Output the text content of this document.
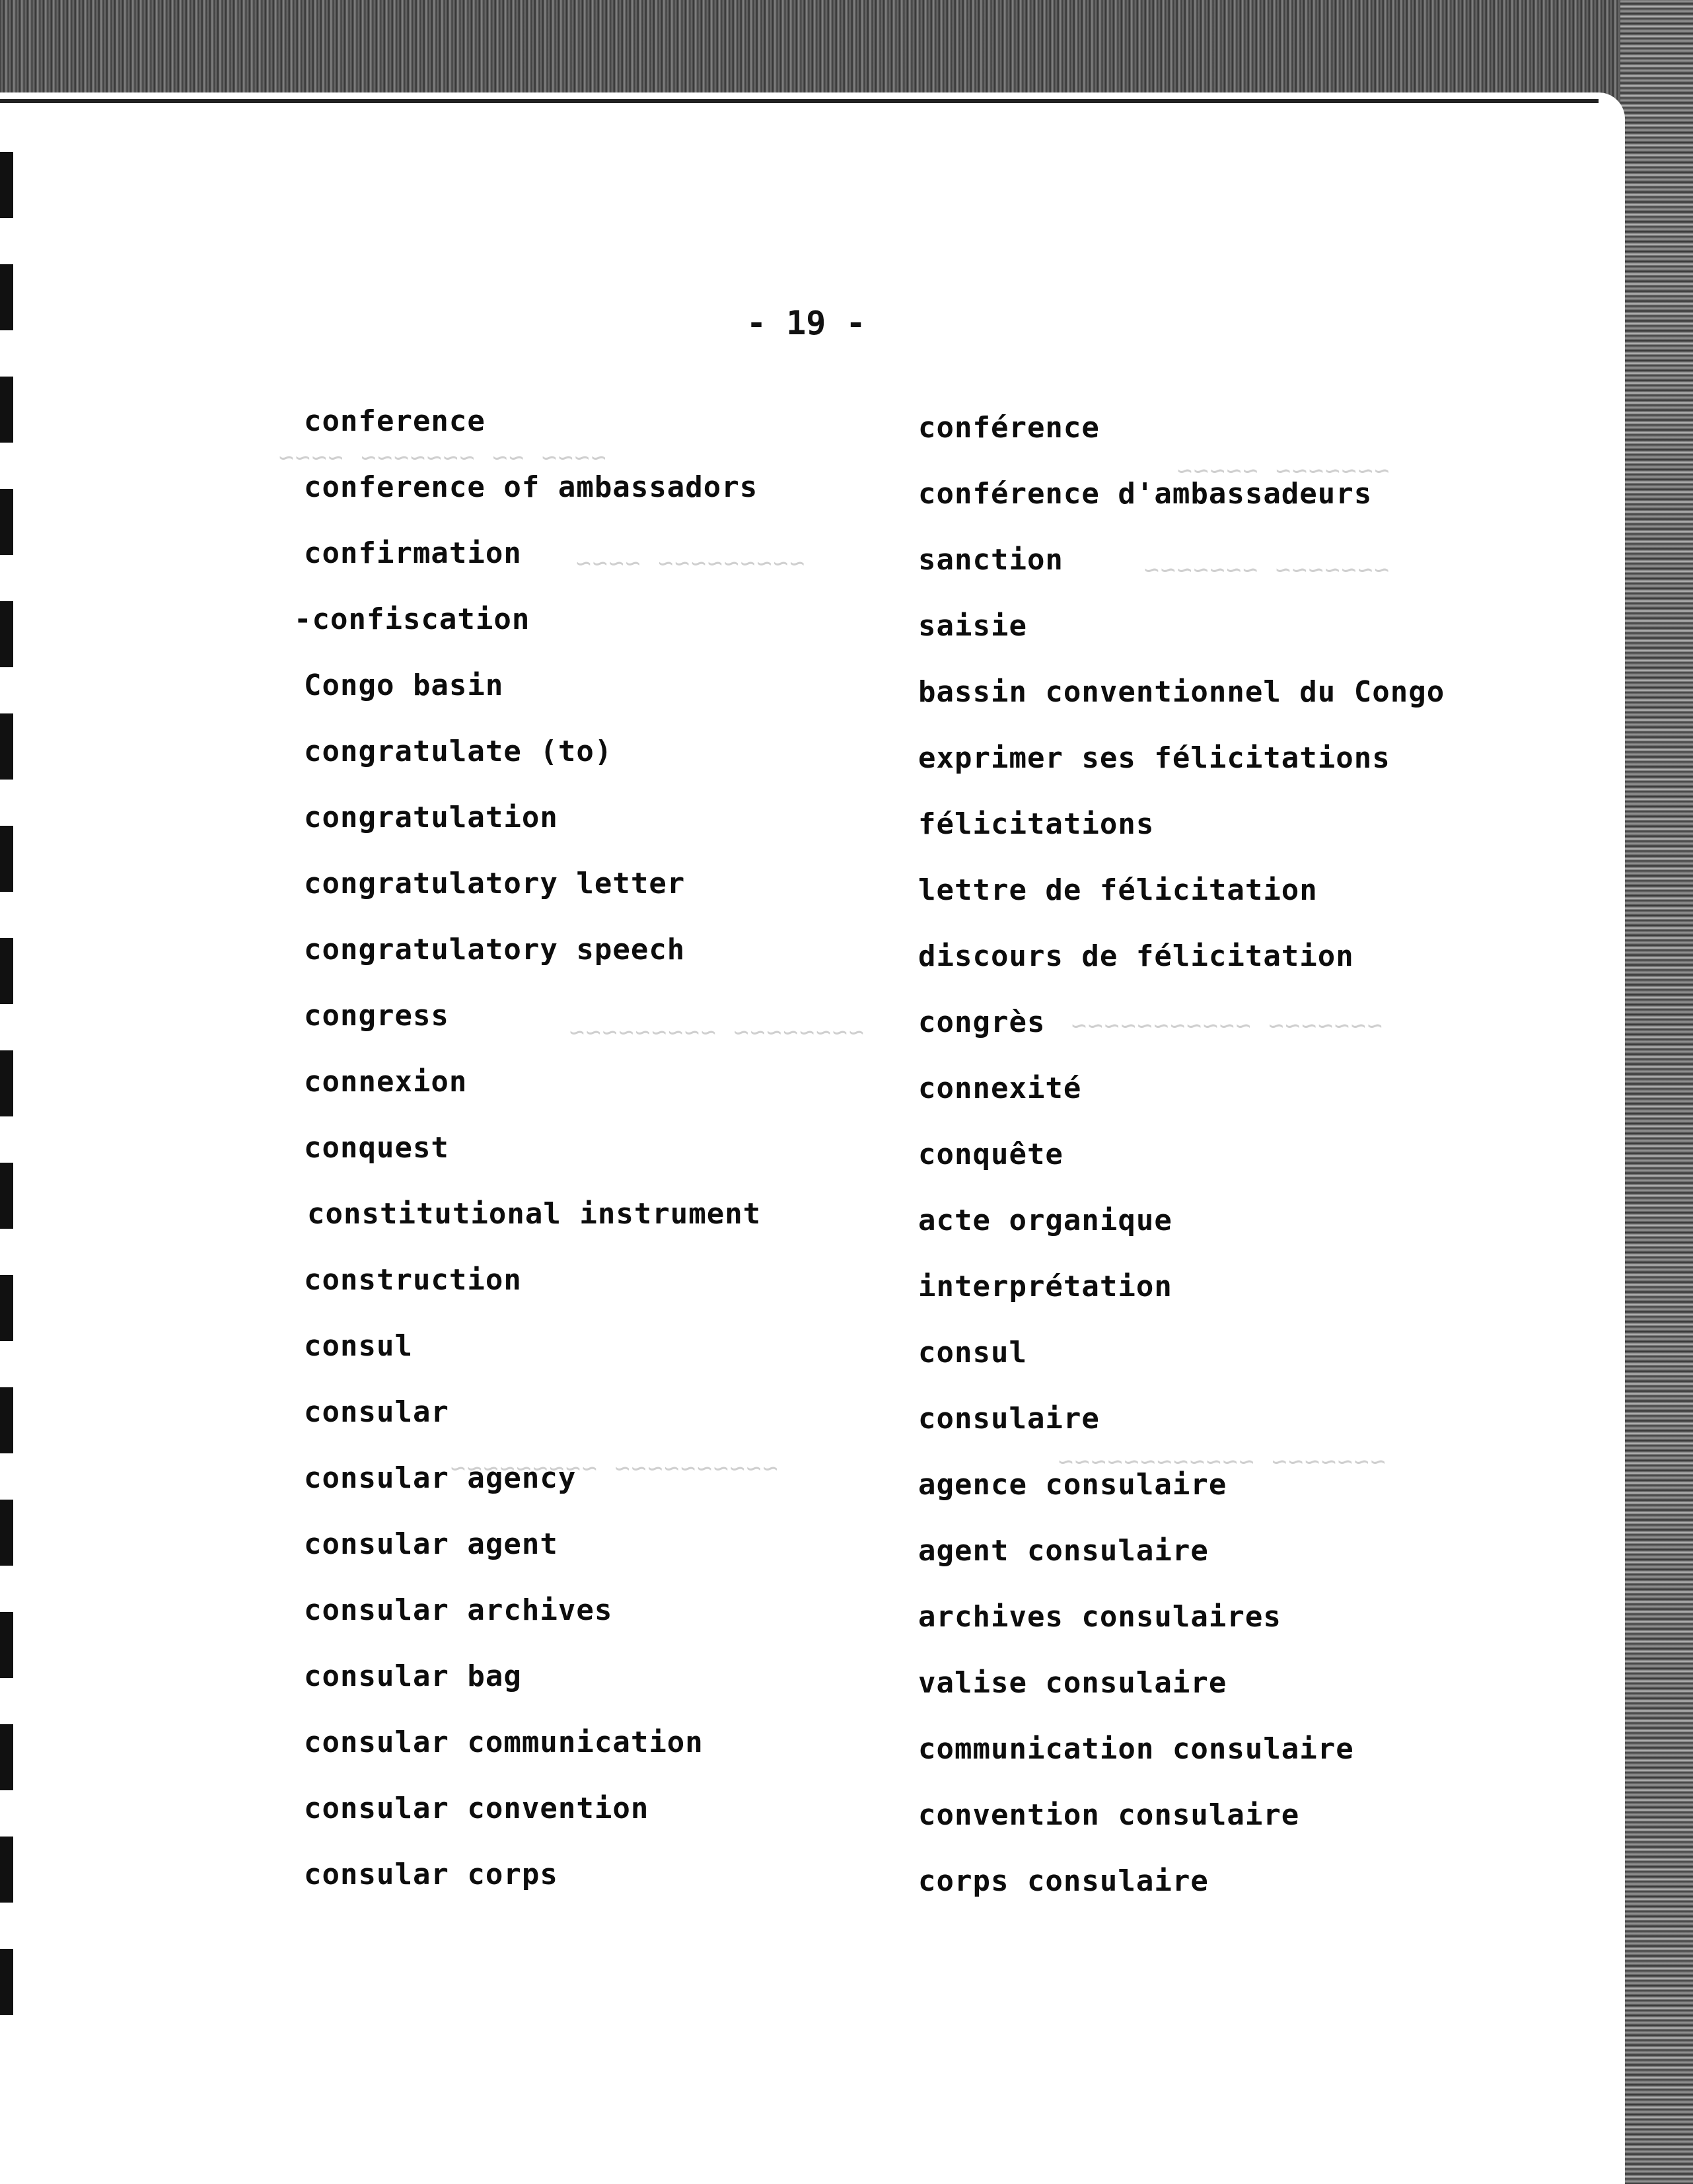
~~~~ ~~ ~~~~~~~ ~~~~	~~~~~~~ ~~~~~
~~~~~~~~~ ~~~~	~~~~~~~ ~~~~~~~
~~~~~~~~ ~~~~~~~~~	~~~~~~~ ~~~~~~~~~~~
~~~~~~~~~~ ~~~~~~~~~	~~~~~~~ ~~~~~~~~~~~~
- 19 -
conference	conférence
conference of ambassadors	conférence d'ambassadeurs
confirmation	sanction
-confiscation	saisie
Congo basin	bassin conventionnel du Congo
congratulate (to)	exprimer ses félicitations
congratulation	félicitations
congratulatory letter	lettre de félicitation
congratulatory speech	discours de félicitation
congress	congrès
connexion	connexité
conquest	conquête
constitutional instrument	acte organique
construction	interprétation
consul	consul
consular	consulaire
consular agency	agence consulaire
consular agent	agent consulaire
consular archives	archives consulaires
consular bag	valise consulaire
consular communication	communication consulaire
consular convention	convention consulaire
consular corps	corps consulaire
